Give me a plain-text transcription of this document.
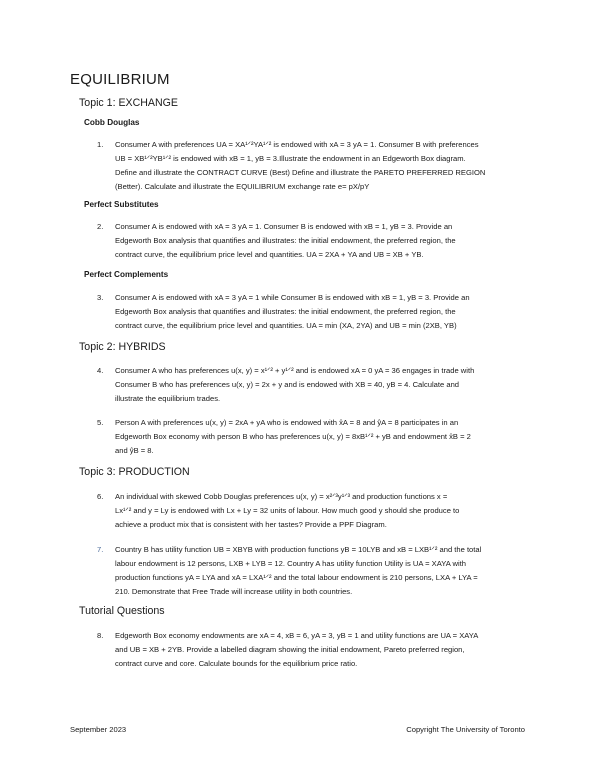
EQUILIBRIUM
Topic 1: EXCHANGE
Cobb Douglas
1.	Consumer A with preferences UA = XA¹ᐟ²YA¹ᐟ² is endowed with xA = 3 yA = 1. Consumer B with preferences
UB = XB¹ᐟ²YB¹ᐟ² is endowed with xB = 1, yB = 3.Illustrate the endowment in an Edgeworth Box diagram.
Define and illustrate the CONTRACT CURVE (Best) Define and illustrate the PARETO PREFERRED REGION
(Better). Calculate and illustrate the EQUILIBRIUM exchange rate e= pX/pY
Perfect Substitutes
2.	Consumer A is endowed with xA = 3 yA = 1. Consumer B is endowed with xB = 1, yB = 3. Provide an
Edgeworth Box analysis that quantifies and illustrates: the initial endowment, the preferred region, the
contract curve, the equilibrium price level and quantities. UA = 2XA + YA and UB = XB + YB.
Perfect Complements
3.	Consumer A is endowed with xA = 3 yA = 1 while Consumer B is endowed with xB = 1, yB = 3. Provide an
Edgeworth Box analysis that quantifies and illustrates: the initial endowment, the preferred region, the
contract curve, the equilibrium price level and quantities. UA = min (XA, 2YA) and UB = min (2XB, YB)
Topic 2: HYBRIDS
4.	Consumer A who has preferences u(x, y) = x¹ᐟ² + y¹ᐟ² and is endowed xA = 0 yA = 36 engages in trade with
Consumer B who has preferences u(x, y) = 2x + y and is endowed with XB = 40, yB = 4. Calculate and
illustrate the equilibrium trades.
5.	Person A with preferences u(x, y) = 2xA + yA who is endowed with x̂A = 8 and ŷA = 8 participates in an
Edgeworth Box economy with person B who has preferences u(x, y) = 8xB¹ᐟ² + yB and endowment x̂B = 2
and ŷB = 8.
Topic 3: PRODUCTION
6.	An individual with skewed Cobb Douglas preferences u(x, y) = x²ᐟ³y¹ᐟ³ and production functions x =
Lx¹ᐟ² and y = Ly is endowed with Lx + Ly = 32 units of labour. How much good y should she produce to
achieve a product mix that is consistent with her tastes? Provide a PPF Diagram.
7.	Country B has utility function UB = XBYB with production functions yB = 10LYB and xB = LXB¹ᐟ² and the total
labour endowment is 12 persons, LXB + LYB = 12. Country A has utility function Utility is UA = XAYA with
production functions yA = LYA and xA = LXA¹ᐟ² and the total labour endowment is 210 persons, LXA + LYA =
210. Demonstrate that Free Trade will increase utility in both countries.
Tutorial Questions
8.	Edgeworth Box economy endowments are xA = 4, xB = 6, yA = 3, yB = 1 and utility functions are UA = XAYA
and UB = XB + 2YB. Provide a labelled diagram showing the initial endowment, Pareto preferred region,
contract curve and core. Calculate bounds for the equilibrium price ratio.
September 2023	Copyright The University of Toronto
